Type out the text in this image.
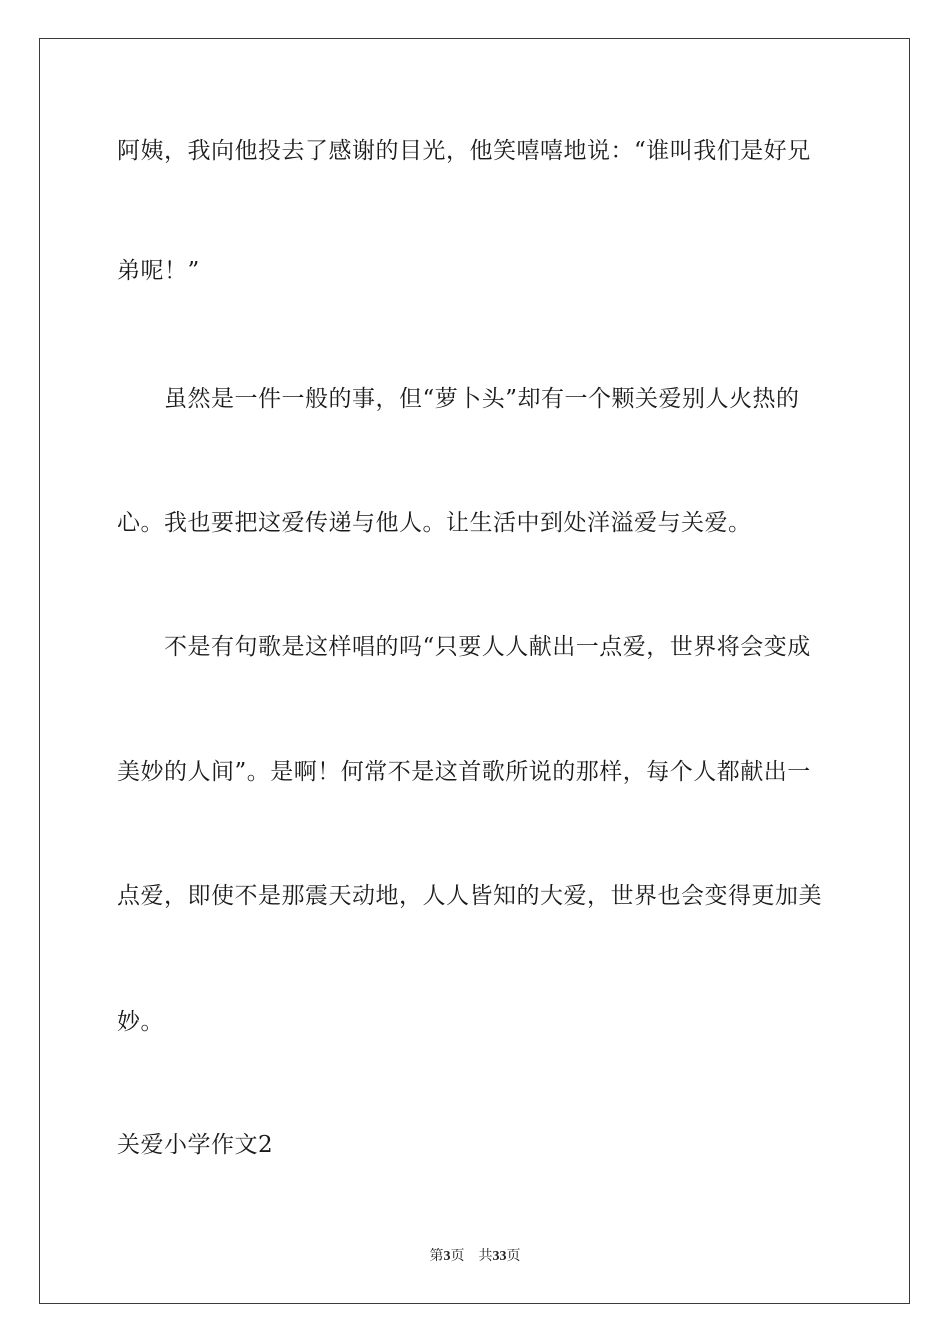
阿姨，我向他投去了感谢的目光，他笑嘻嘻地说：“谁叫我们是好兄
弟呢！”
虽然是一件一般的事，但“萝卜头”却有一个颗关爱别人火热的
心。我也要把这爱传递与他人。让生活中到处洋溢爱与关爱。
不是有句歌是这样唱的吗“只要人人献出一点爱，世界将会变成
美妙的人间”。是啊！何常不是这首歌所说的那样，每个人都献出一
点爱，即使不是那震天动地，人人皆知的大爱，世界也会变得更加美
妙。
关爱小学作文2
第3页 共33页
